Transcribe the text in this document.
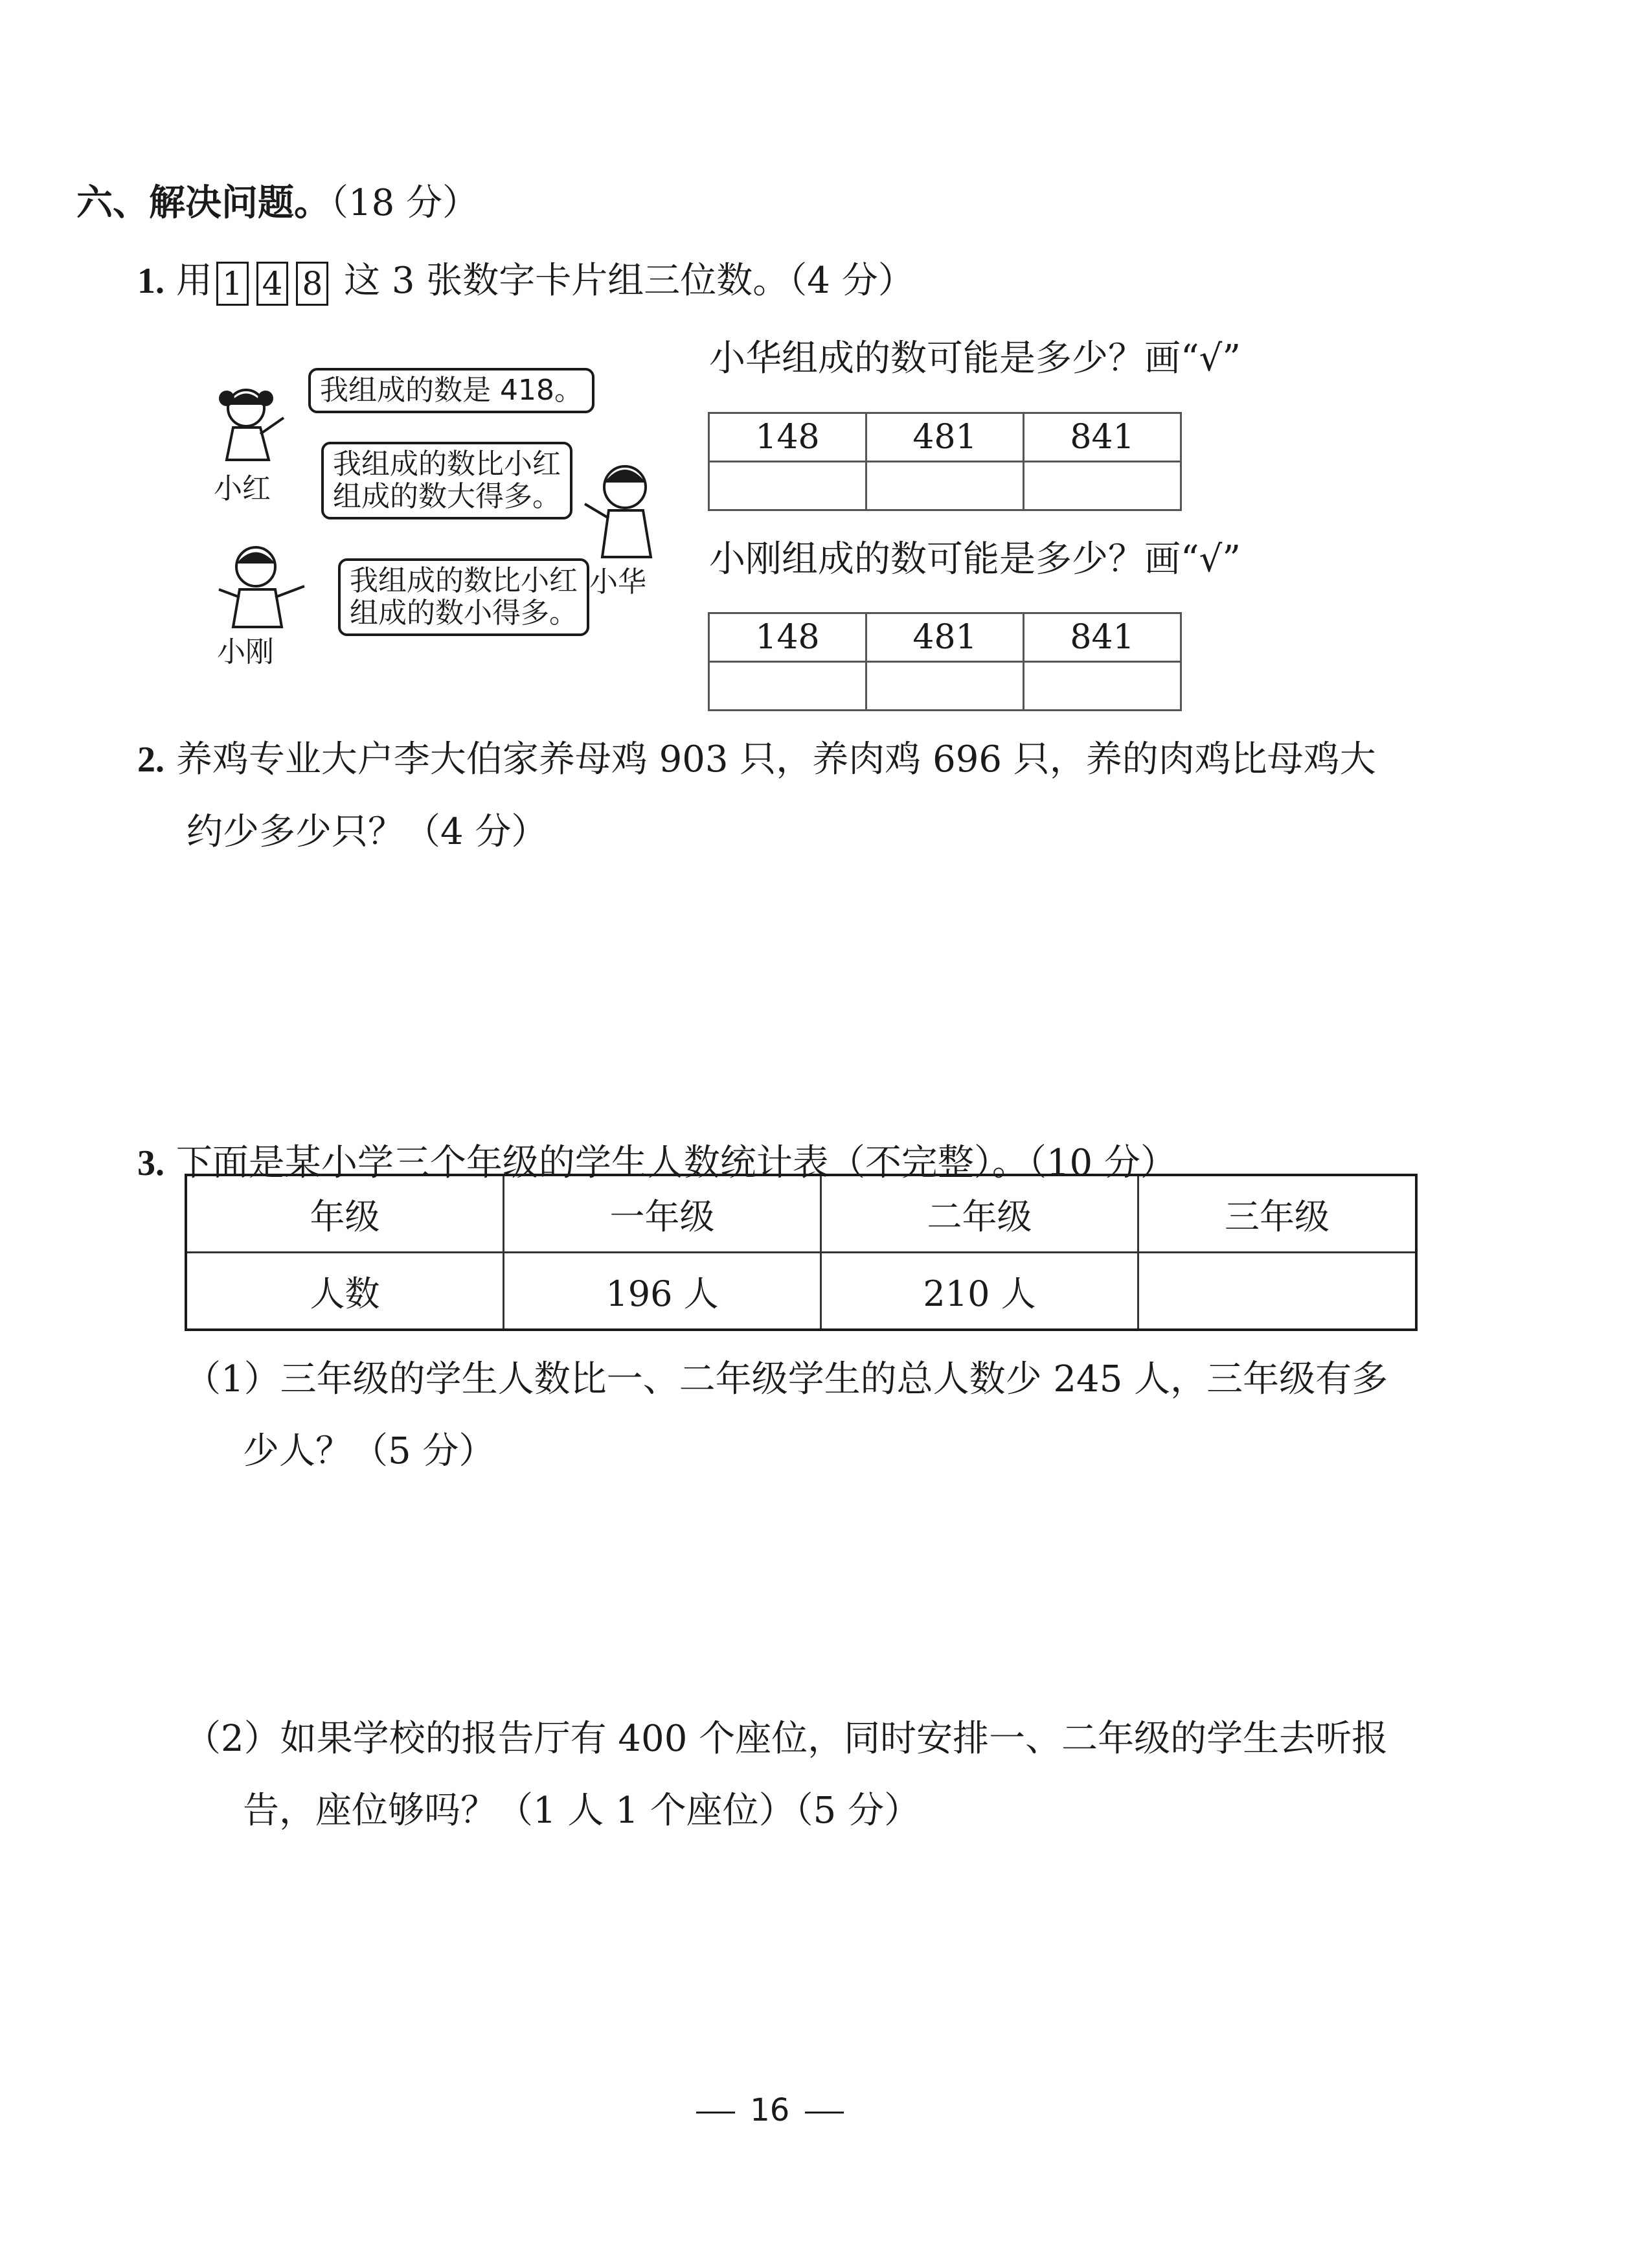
六、解决问题。（18 分）
1. 用 1 4 8 这 3 张数字卡片组三位数。（4 分）
小红
我组成的数是 418。
我组成的数比小红
组成的数大得多。
小华
小刚
我组成的数比小红
组成的数小得多。
小华组成的数可能是多少？画“√”
148	481	841

小刚组成的数可能是多少？画“√”
148	481	841

2. 养鸡专业大户李大伯家养母鸡 903 只，养肉鸡 696 只，养的肉鸡比母鸡大
约少多少只？（4 分）
3. 下面是某小学三个年级的学生人数统计表（不完整）。（10 分）
年级	一年级	二年级	三年级
人数	196 人	210 人	
（1）三年级的学生人数比一、二年级学生的总人数少 245 人，三年级有多
少人？（5 分）
（2）如果学校的报告厅有 400 个座位，同时安排一、二年级的学生去听报
告，座位够吗？（1 人 1 个座位）（5 分）
16
